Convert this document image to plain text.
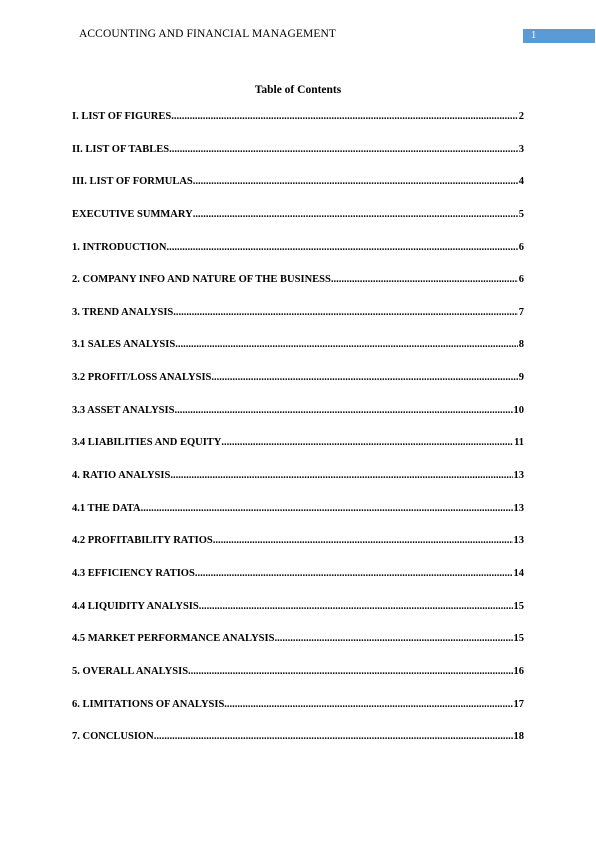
ACCOUNTING AND FINANCIAL MANAGEMENT	1
Table of Contents
I. LIST OF FIGURES .....	2
II. LIST OF TABLES .....	3
III. LIST OF FORMULAS .....	4
EXECUTIVE SUMMARY .....	5
1. INTRODUCTION .....	6
2. COMPANY INFO AND NATURE OF THE BUSINESS .....	6
3. TREND ANALYSIS .....	7
3.1 SALES ANALYSIS .....	8
3.2 PROFIT/LOSS ANALYSIS .....	9
3.3 ASSET ANALYSIS .....	10
3.4 LIABILITIES AND EQUITY .....	11
4. RATIO ANALYSIS .....	13
4.1 THE DATA .....	13
4.2 PROFITABILITY RATIOS .....	13
4.3 EFFICIENCY RATIOS .....	14
4.4 LIQUIDITY ANALYSIS .....	15
4.5 MARKET PERFORMANCE ANALYSIS .....	15
5. OVERALL ANALYSIS .....	16
6. LIMITATIONS OF ANALYSIS .....	17
7. CONCLUSION .....	18
